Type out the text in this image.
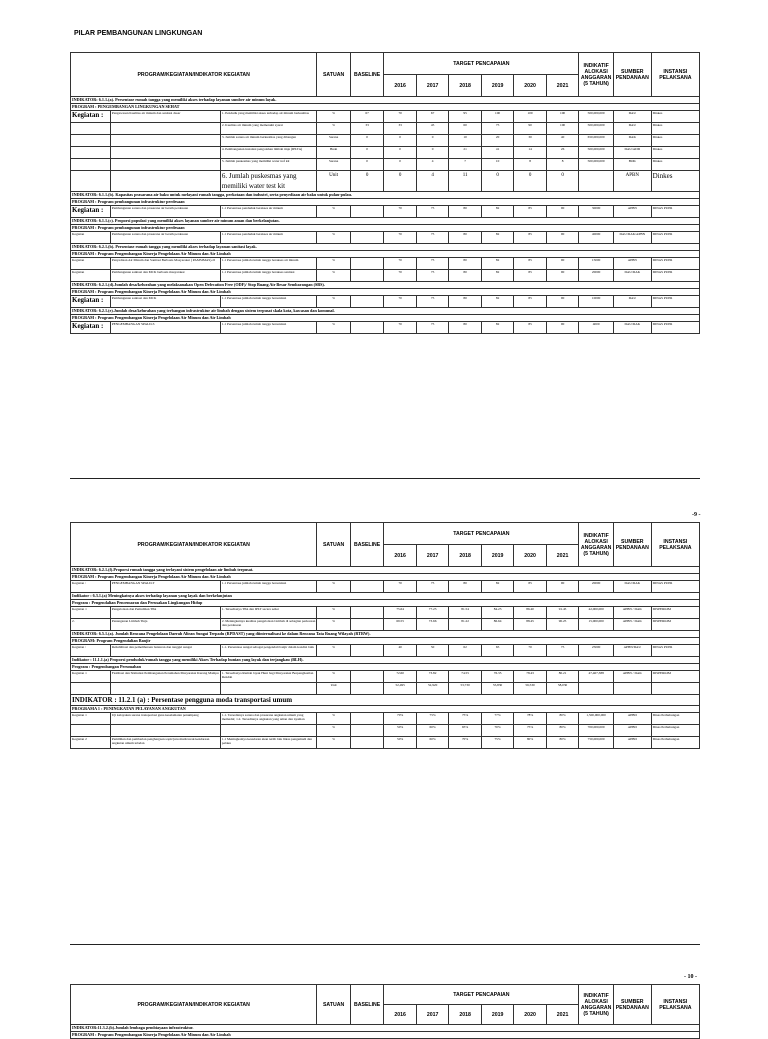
PILAR PEMBANGUNAN LINGKUNGAN
PROGRAM/KEGIATAN/INDIKATOR KEGIATAN			SATUAN	BASELINE	TARGET PENCAPAIAN						INDIKATIF ALOKASI ANGGARAN (5 TAHUN)	SUMBER PENDANAAN	INSTANSI PELAKSANA
					2016	2017	2018	2019	2020	2021			
INDIKATOR: 6.1.1.(a). Persentase rumah tangga yang memiliki akses terhadap layanan sumber air minum layak.													
PROGRAM : PENGEMBANGAN LINGKUNGAN SEHAT													
Kegiatan :	Pengawasan Kualitas air minum dan sanitasi dasar	1. Pendudk yang memiliki akses terhadap air minum berkualitas	%	67	70	67	95	100	100	100	500,000,000	DAU	Dinkes
		2. Kualitas air minum yang memenuhi syarat	%	33	33	45	60	75	90	100	500,000,000	DAU	Dinkes
		3. Jumlah sarana air minum berkualitas yang dibangun	Sarana	0	0	0	10	20	30	40	650,000,000	DAK	Dinkes
		4. Pembangunan instalasi pengolahan limbah tinja (IPLTA)	Buah	0	0	0	21	41	14	26	500,000,000	DAU/ADD	Dinkes
		5. Jumlah puskesmas yang memiliki water tref kit	Sarana	0	0	4	7	10	8	8	500,000,000	BOK	Dinkes
		6. Jumlah puskesmas yang memiliki water test kit	Unit	0	0	4	11	0	0	0		APBN	Dinkes
INDIKATOR: 6.1.1.(b). Kapasitas prasarana air baku untuk melayani rumah tangga, perkotaan dan industri, serta penyediaan air baku untuk pulau-pulau.													
PROGRAM : Program pembangunan infrastruktur perdesaan													
Kegiatan :	Pembangunan sarana dan prasarana air bersih perdesaan	1.1 Persentase penduduk berakses air minum	%		70	75	80	82	85	90	30000	APBN	DINAS PUPR
INDIKATOR: 6.1.1.(c). Proporsi populasi yang memiliki akses layanan sumber air minum aman dan berkelanjutan.													
PROGRAM : Program pembangunan infrastruktur perdesaan													
Kegiatan	Pembangunan sarana dan prasarana air bersih perdesaan	1.1 Persentase penduduk berakses air minum	%		70	75	80	82	85	90	40000	DAU/DAK/APBN	DINAS PUPR
INDIKATOR: 6.2.1.(b). Persentase rumah tangga yang memiliki akses terhadap layanan sanitasi layak.													
PROGRAM : Program Pengembangan Kinerja Pengelolaan Air Minum dan Air Limbah													
Kegiatan	Penyediaan Air Minum dan Sanitasi Berbasis Masyarakat ( PAMSIMAS)-II	1.1 Persentase jumlah rumah tangga berakses air minum	%		70	75	80	82	85	90	15000	APBN	DINAS PUPR
Kegiatan	Pembangunan sanitasi dan MCK berbasis masyarakat	1.1 Persentase jumlah rumah tangga berakses sanitasi	%		70	75	80	82	85	90	20000	DAU/DAK	DINAS PUPR
INDIKATOR: 6.2.1.(d).Jumlah desa/kelurahan yang melaksanakan Open Defecation Free (ODF)/ Stop Buang Air Besar Sembarangan (SBS).													
PROGRAM : Program Pengembangan Kinerja Pengelolaan Air Minum dan Air Limbah													
Kegiatan :	Pembangunan sanitasi dan MCK	1.1 Persentase jumlah rumah tangga bersanitasi	%		70	75	80	82	85	90	10000	DAU	DINAS PUPR
INDIKATOR: 6.2.1.(e).Jumlah desa/kelurahan yang terbangun infrastruktur air limbah dengan sistem terpusat skala kota, kawasan dan komunal.													
PROGRAM : Program Pengembangan Kinerja Pengelolaan Air Minum dan Air Limbah													
Kegiatan :	PENGEMBANGAN SPALD-S	1.1 Persentase jumlah rumah tangga bersanitasi	%		70	75	80	82	85	90	4000	DAU/DAK	DINAS PUPR
-9 -
PROGRAM/KEGIATAN/INDIKATOR KEGIATAN			SATUAN	BASELINE	TARGET PENCAPAIAN						INDIKATIF ALOKASI ANGGARAN (5 TAHUN)	SUMBER PENDANAAN	INSTANSI PELAKSANA
					2016	2017	2018	2019	2020	2021			
INDIKATOR: 6.2.1.(f).Proporsi rumah tangga yang terlayani sistem pengelolaan air limbah terpusat.													
PROGRAM : Program Pengembangan Kinerja Pengelolaan Air Minum dan Air Limbah													
Kegiatan :	PENGEMBANGAN SPALD-T	1.1 Persentase jumlah rumah tangga bersanitasi	%		70	75	80	82	85	90	20000	DAU/DAK	DINAS PUPR
Indikator : 6.3.1.(a) Meningkatnya akses terhadap layanan yang layak dan berkelanjutan													
Program : Pengendalian Pencemaran dan Perusakan Lingkungan Hidup													
Kegiatan 1	Pengelolaan dan Pemulihan TPA	1. Tersedianya TPA dan IPLT secara sehat	%		75.64	77.23	81.54	84.23	86.40	91.45	42,000,000	APBN / DAK	DISPERKIM
2.	Penanganan Limbah Tinja	2. Meningkatnya kualitas pengelolaan Limbah di sebagian perkotaan dan perdesaan	%		69.55	73.66	81.22	86.64	88.45	90.25	15,000,000	APBN / DAK	DISPERKIM
INDIKATOR: 6.5.1.(a). Jumlah Rencana Pengelolaan Daerah Aliran Sungai Terpadu (RPDAST) yang diinternalisasi ke dalam Rencana Tata Ruang Wilayah (RTRW).													
PROGRAM: Program Pengendalian Banjir													
Kegiatan :	Rehabilitasi dan pemeliharaan bantaran dan tanggul sungai	1.1. Persentase sungai sebagai pengendali banjir dalam kondisi baik	%		40	50	62	65	70	75	25000	APBN/DAU	DINAS PUPR
Indikator : 11.1.1.(a) Proporsi penduduk/rumah tangga yang memiliki Akses Terhadap hunian yang layak dan terjangkau (BLH).													
Program : Pengembangan Perumahan													
Kegiatan 1	Fasilitasi dan Stimulasi Pembangunan Perumahan Masyarakat Kurang Mampu	1. Tersedianya Rumah layak Huni bagi Masyarakat Berpenghasilan Rendah	%		72.60	73.82	74.55	76.35	78.43	80.21	47,467,388	APBN / DAK	DISPERKIM
			Unit		52,495	52,920	53,730	55,830	56,530	58,030			
INDIKATOR : 11.2.1 (a) : Persentase pengguna moda transportasi umum													
PROGRAMA 1 : PENINGKATAN PELAYANAN ANGKUTAN													
Kegiatan 1	Uji kelayakan sarana transportasi guna keselamatan penumpang	1.1. Tersedianya sarana dan prasarana angkutan umum yang memadai; 1.2. Tersedianya angkutan yang aman dan nyaman	%		70%	75%	75%	77%	78%	80%	1,500,000,000	APBD	Dinas Perhubungan
			%		50%	60%	65%	70%	75%	80%	700,000,000	APBD	Dinas Perhubungan
Kegiatan 2	Pemilihan dan pemberian penghargaan sopir/juru mudi/awak kendaraan angkutan umum teladan	1.1 Meningkatnya kesadaran akan tertib lalu lintas pengemudi dan pelaku	%		50%	60%	70%	75%	80%	80%	750,000,000	APBD	Dinas Perhubungan
- 10 -
PROGRAM/KEGIATAN/INDIKATOR KEGIATAN	SATUAN	BASELINE	TARGET PENCAPAIAN						INDIKATIF ALOKASI ANGGARAN (5 TAHUN)	SUMBER PENDANAAN	INSTANSI PELAKSANA
			2016	2017	2018	2019	2020	2021			
INDIKATOR:11.3.2.(b).Jumlah lembaga pembiayaan infrastruktur.											
PROGRAM : Program Pengembangan Kinerja Pengelolaan Air Minum dan Air Limbah											
